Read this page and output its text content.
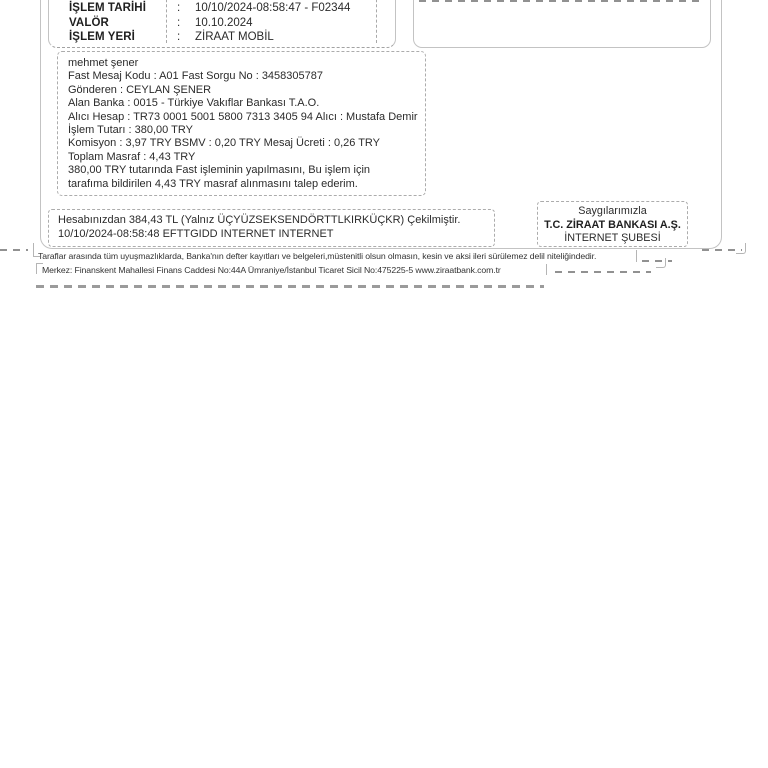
İŞLEM TARİHİ	:	10/10/2024-08:58:47 - F02344
VALÖR	:	10.10.2024
İŞLEM YERİ	:	ZİRAAT MOBİL
mehmet şener
Fast Mesaj Kodu : A01 Fast Sorgu No : 3458305787
Gönderen : CEYLAN ŞENER
Alan Banka : 0015 - Türkiye Vakıflar Bankası T.A.O.
Alıcı Hesap : TR73 0001 5001 5800 7313 3405 94 Alıcı : Mustafa Demir
İşlem Tutarı : 380,00 TRY
Komisyon : 3,97 TRY BSMV : 0,20 TRY Mesaj Ücreti : 0,26 TRY
Toplam Masraf : 4,43 TRY
380,00 TRY tutarında Fast işleminin yapılmasını, Bu işlem için
tarafıma bildirilen 4,43 TRY masraf alınmasını talep ederim.
Hesabınızdan 384,43 TL (Yalnız ÜÇYÜZSEKSENDÖRTTLKIRKÜÇKR) Çekilmiştir.
10/10/2024-08:58:48 EFTTGIDD INTERNET INTERNET
Saygılarımızla
T.C. ZİRAAT BANKASI A.Ş.
İNTERNET ŞUBESİ
Taraflar arasında tüm uyuşmazlıklarda, Banka'nın defter kayıtları ve belgeleri,müstenitli olsun olmasın, kesin ve aksi ileri sürülemez delil niteliğindedir.
Merkez: Finanskent Mahallesi Finans Caddesi No:44A Ümraniye/İstanbul Ticaret Sicil No:475225-5 www.ziraatbank.com.tr
